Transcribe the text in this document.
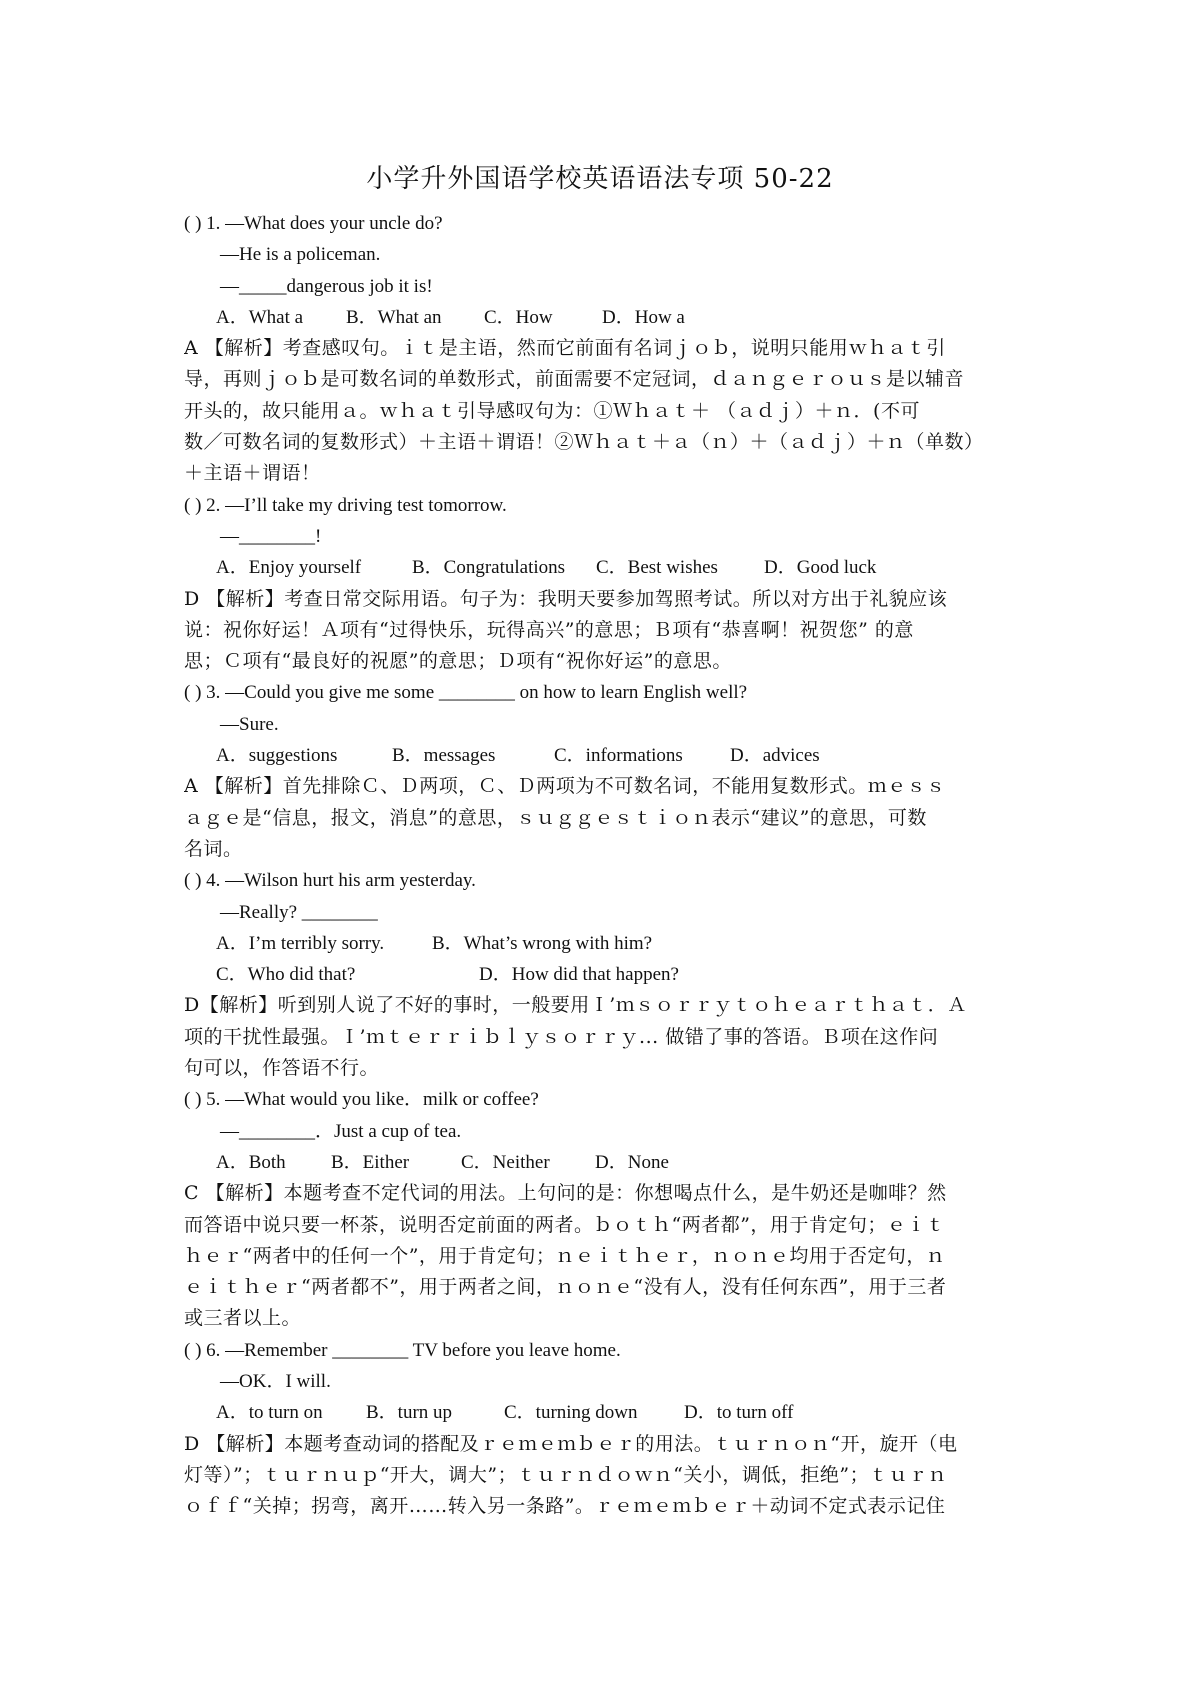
小学升外国语学校英语语法专项 50-22
( ) 1. —What does your uncle do?
—He is a policeman.
—_____dangerous job it is!
A．What a B．What an C．How	D．How a
A 【解析】考查感叹句。ｉｔ是主语，然而它前面有名词ｊｏｂ，说明只能用ｗｈａｔ引
导，再则ｊｏｂ是可数名词的单数形式，前面需要不定冠词，ｄａｎｇｅｒｏｕｓ是以辅音
开头的，故只能用ａ。ｗｈａｔ引导感叹句为：①Ｗｈａｔ＋ （ａｄｊ）＋ｎ．(不可
数／可数名词的复数形式）＋主语＋谓语！②Ｗｈａｔ＋ａ（ｎ）＋（ａｄｊ）＋ｎ（单数）
＋主语＋谓语！
( ) 2. —I’ll take my driving test tomorrow.
—________!
A．Enjoy yourself	B．Congratulations C．Best wishes D．Good luck
D 【解析】考查日常交际用语。句子为：我明天要参加驾照考试。所以对方出于礼貌应该
说：祝你好运！Ａ项有“过得快乐，玩得高兴”的意思；Ｂ项有“恭喜啊！祝贺您” 的意
思；Ｃ项有“最良好的祝愿”的意思；Ｄ项有“祝你好运”的意思。
( ) 3. —Could you give me some ________ on how to learn English well?
—Sure.
A．suggestions	B．messages	C．informations D．advices
A 【解析】首先排除Ｃ、Ｄ两项，Ｃ、Ｄ两项为不可数名词，不能用复数形式。ｍｅｓｓ
ａｇｅ是“信息，报文，消息”的意思，ｓｕｇｇｅｓｔｉｏｎ表示“建议”的意思，可数
名词。
( ) 4. —Wilson hurt his arm yesterday.
—Really? ________
A．I’m terribly sorry.	B．What’s wrong with him?
C．Who did that?	D．How did that happen?
D【解析】听到别人说了不好的事时，一般要用Ｉ’ｍｓｏｒｒｙｔｏｈｅａｒｔｈａｔ．Ａ
项的干扰性最强。Ｉ’ｍｔｅｒｒｉｂｌｙｓｏｒｒｙ... 做错了事的答语。Ｂ项在这作问
句可以，作答语不行。
( ) 5. —What would you like．milk or coffee?
—________．Just a cup of tea.
A．Both B．Either	C．Neither D．None
C 【解析】本题考查不定代词的用法。上句问的是：你想喝点什么，是牛奶还是咖啡？然
而答语中说只要一杯茶，说明否定前面的两者。ｂｏｔｈ“两者都”，用于肯定句；ｅｉｔ
ｈｅｒ“两者中的任何一个”，用于肯定句；ｎｅｉｔｈｅｒ，ｎｏｎｅ均用于否定句，ｎ
ｅｉｔｈｅｒ“两者都不”，用于两者之间，ｎｏｎｅ“没有人，没有任何东西”，用于三者
或三者以上。
( ) 6. —Remember ________ TV before you leave home.
—OK．I will.
A．to turn on B．turn up	C．turning down D．to turn off
D 【解析】本题考查动词的搭配及ｒｅｍｅｍｂｅｒ的用法。ｔｕｒｎｏｎ“开，旋开（电
灯等）”；ｔｕｒｎｕｐ“开大，调大”；ｔｕｒｎｄｏｗｎ“关小，调低，拒绝”；ｔｕｒｎ
ｏｆｆ“关掉；拐弯，离开……转入另一条路”。ｒｅｍｅｍｂｅｒ＋动词不定式表示记住
